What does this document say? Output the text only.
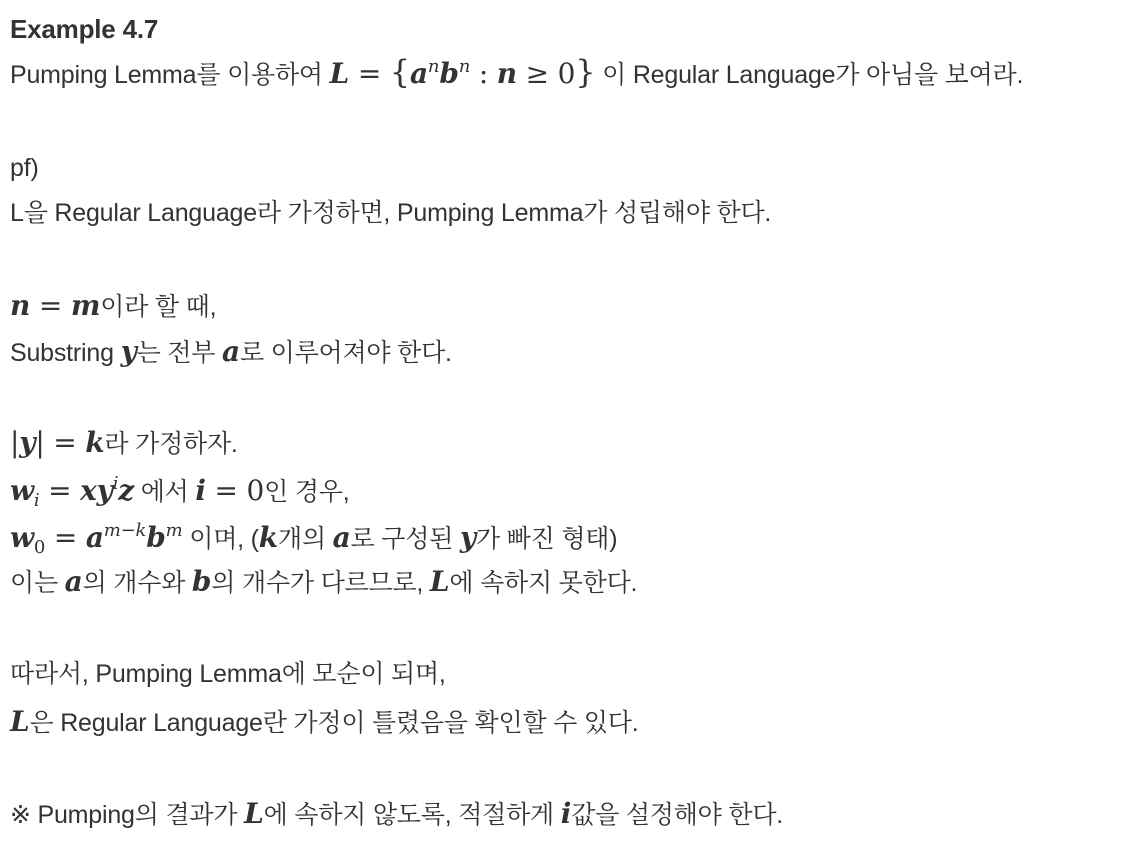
Example 4.7
Pumping Lemma를 이용하여 $L = \{a^nb^n$ : n ≥ 0} 이 Regular Language가 아님을 보여라.
pf)
L을 Regular Language라 가정하면, Pumping Lemma가 성립해야 한다.
n = m이라 할 때,
Substring y는 전부 a로 이루어져야 한다.
|y| = k라 가정하자.
$w_i = xy^iz$ 에서 i = 0인 경우,
$w_0 = a^{m-k}b^m$ 이며, (k개의 a로 구성된 y가 빠진 형태)
이는 a의 개수와 b의 개수가 다르므로, L에 속하지 못한다.
따라서, Pumping Lemma에 모순이 되며,
L은 Regular Language란 가정이 틀렸음을 확인할 수 있다.
※ Pumping의 결과가 L에 속하지 않도록, 적절하게 i값을 설정해야 한다.
